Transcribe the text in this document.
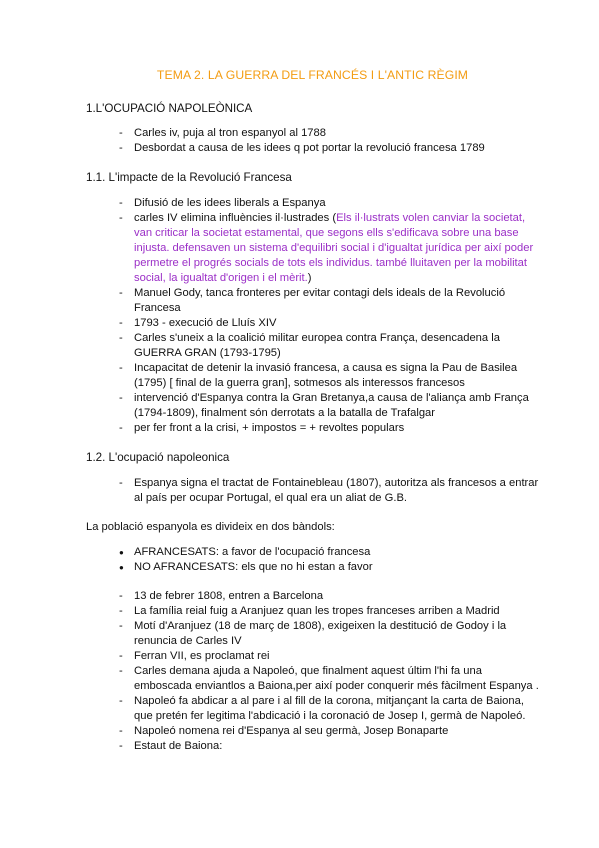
TEMA 2. LA GUERRA DEL FRANCÉS I L'ANTIC RÈGIM

1.L'OCUPACIÓ NAPOLEÒNICA

- Carles iv, puja al tron espanyol al 1788
- Desbordat a causa de les idees q pot portar la revolució francesa 1789

1.1. L'impacte de la Revolució Francesa

- Difusió de les idees liberals a Espanya
- carles IV elimina influències il·lustrades (Els il·lustrats volen canviar la societat, van criticar la societat estamental, que segons ells s'edificava sobre una base injusta. defensaven un sistema d'equilibri social i d'igualtat jurídica per així poder permetre el progrés socials de tots els individus. també lluitaven per la mobilitat social, la igualtat d'origen i el mèrit.)
- Manuel Gody, tanca fronteres per evitar contagi dels ideals de la Revolució Francesa
- 1793 - execució de Lluís XIV
- Carles s'uneix a la coalició militar europea contra França, desencadena la GUERRA GRAN (1793-1795)
- Incapacitat de detenir la invasió francesa, a causa es signa la Pau de Basilea (1795) [ final de la guerra gran], sotmesos als interessos francesos
- intervenció d'Espanya contra la Gran Bretanya,a causa de l'aliança amb França (1794-1809), finalment són derrotats a la batalla de Trafalgar
- per fer front a la crisi, + impostos = + revoltes populars

1.2. L'ocupació napoleonica

- Espanya signa el tractat de Fontainebleau (1807), autoritza als francesos a entrar al país per ocupar Portugal, el qual era un aliat de G.B.

La població espanyola es divideix en dos bàndols:

● AFRANCESATS: a favor de l'ocupació francesa
● NO AFRANCESATS: els que no hi estan a favor
- 13 de febrer 1808, entren a Barcelona
- La família reial fuig a Aranjuez quan les tropes franceses arriben a Madrid
- Motí d'Aranjuez (18 de març de 1808), exigeixen la destitució de Godoy i la renuncia de Carles IV
- Ferran VII, es proclamat rei
- Carles demana ajuda a Napoleó, que finalment aquest últim l'hi fa una emboscada enviantlos a Baiona,per així poder conquerir més fàcilment Espanya .
- Napoleó fa abdicar a al pare i al fill de la corona, mitjançant la carta de Baiona, que pretén fer legitima l'abdicació i la coronació de Josep I, germà de Napoleó.
- Napoleó nomena rei d'Espanya al seu germà, Josep Bonaparte
- Estaut de Baiona:
